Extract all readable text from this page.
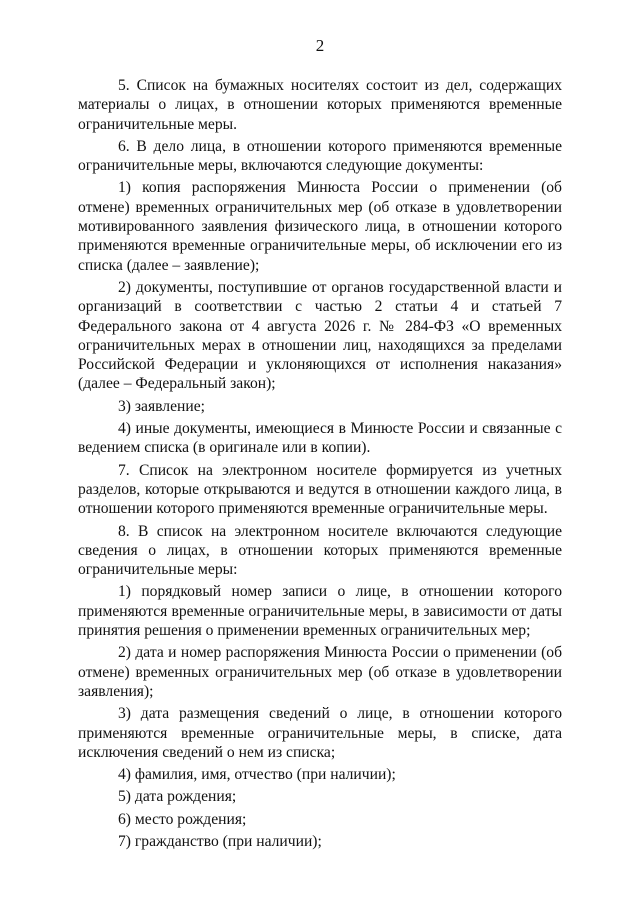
2

5. Список на бумажных носителях состоит из дел, содержащих материалы о лицах, в отношении которых применяются временные ограничительные меры.

6. В дело лица, в отношении которого применяются временные ограничительные меры, включаются следующие документы:

1) копия распоряжения Минюста России о применении (об отмене) временных ограничительных мер (об отказе в удовлетворении мотивированного заявления физического лица, в отношении которого применяются временные ограничительные меры, об исключении его из списка (далее – заявление);

2) документы, поступившие от органов государственной власти и организаций в соответствии с частью 2 статьи 4 и статьей 7 Федерального закона от 4 августа 2026 г. № 284-ФЗ «О временных ограничительных мерах в отношении лиц, находящихся за пределами Российской Федерации и уклоняющихся от исполнения наказания» (далее – Федеральный закон);

3) заявление;

4) иные документы, имеющиеся в Минюсте России и связанные с ведением списка (в оригинале или в копии).

7. Список на электронном носителе формируется из учетных разделов, которые открываются и ведутся в отношении каждого лица, в отношении которого применяются временные ограничительные меры.

8. В список на электронном носителе включаются следующие сведения о лицах, в отношении которых применяются временные ограничительные меры:

1) порядковый номер записи о лице, в отношении которого применяются временные ограничительные меры, в зависимости от даты принятия решения о применении временных ограничительных мер;

2) дата и номер распоряжения Минюста России о применении (об отмене) временных ограничительных мер (об отказе в удовлетворении заявления);

3) дата размещения сведений о лице, в отношении которого применяются временные ограничительные меры, в списке, дата исключения сведений о нем из списка;

4) фамилия, имя, отчество (при наличии);

5) дата рождения;

6) место рождения;

7) гражданство (при наличии);
